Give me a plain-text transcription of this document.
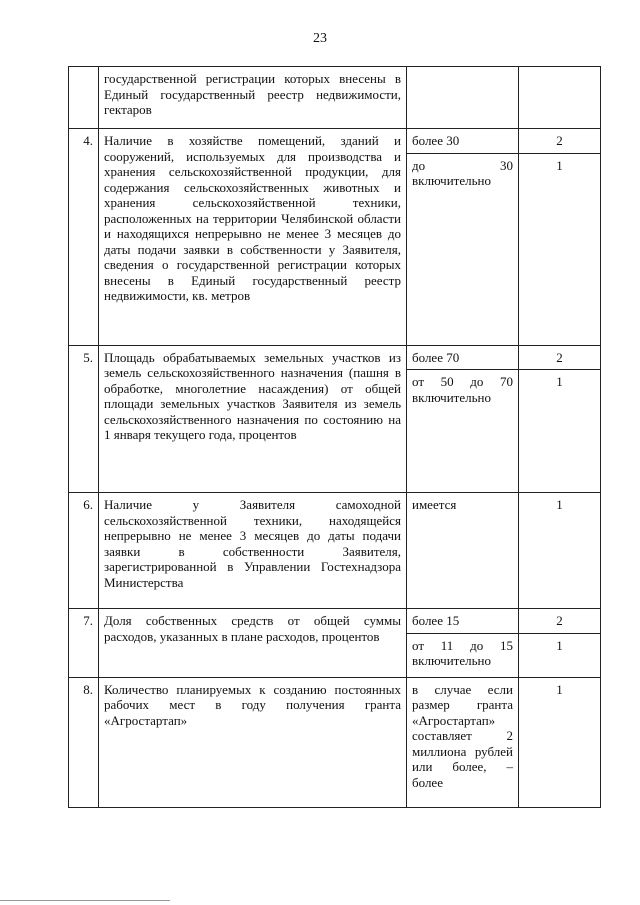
23
	государственной регистрации которых внесены в Единый государственный реестр недвижимости, гектаров		
4.	Наличие в хозяйстве помещений, зданий и сооружений, используемых для производства и хранения сельскохозяйственной продукции, для содержания сельскохозяйственных животных и хранения сельскохозяйственной техники, расположенных на территории Челябинской области и находящихся непрерывно не менее 3 месяцев до даты подачи заявки в собственности у Заявителя, сведения о государственной регистрации которых внесены в Единый государственный реестр недвижимости, кв. метров	более 30	2
		до 30 включительно	1
5.	Площадь обрабатываемых земельных участков из земель сельскохозяйственного назначения (пашня в обработке, многолетние насаждения) от общей площади земельных участков Заявителя из земель сельскохозяйственного назначения по состоянию на 1 января текущего года, процентов	более 70	2
		от 50 до 70 включительно	1
6.	Наличие у Заявителя самоходной сельскохозяйственной техники, находящейся непрерывно не менее 3 месяцев до даты подачи заявки в собственности Заявителя, зарегистрированной в Управлении Гостехнадзора Министерства	имеется	1
7.	Доля собственных средств от общей суммы расходов, указанных в плане расходов, процентов	более 15	2
		от 11 до 15 включительно	1
8.	Количество планируемых к созданию постоянных рабочих мест в году получения гранта «Агростартап»	в случае если размер гранта «Агростартап» составляет 2 миллиона рублей или более, – более	1
